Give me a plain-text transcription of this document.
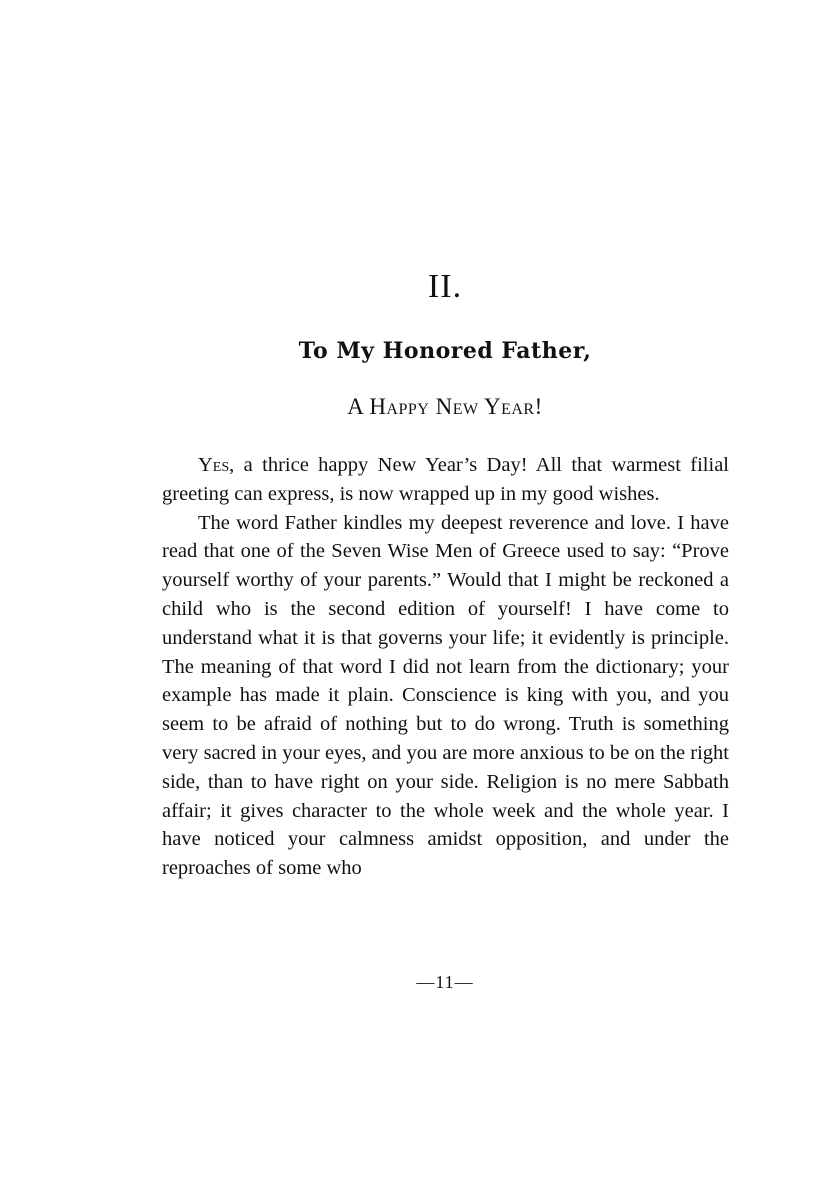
II.
To My Honored Father,
A Happy New Year!

Yes, a thrice happy New Year’s Day! All that warmest filial greeting can express, is now wrapped up in my good wishes.

The word Father kindles my deepest reverence and love. I have read that one of the Seven Wise Men of Greece used to say: “Prove yourself worthy of your parents.” Would that I might be reckoned a child who is the second edition of yourself! I have come to understand what it is that governs your life; it evidently is principle. The meaning of that word I did not learn from the dictionary; your example has made it plain. Conscience is king with you, and you seem to be afraid of nothing but to do wrong. Truth is something very sacred in your eyes, and you are more anxious to be on the right side, than to have right on your side. Religion is no mere Sabbath affair; it gives character to the whole week and the whole year. I have noticed your calmness amidst opposition, and under the reproaches of some who

—11—
